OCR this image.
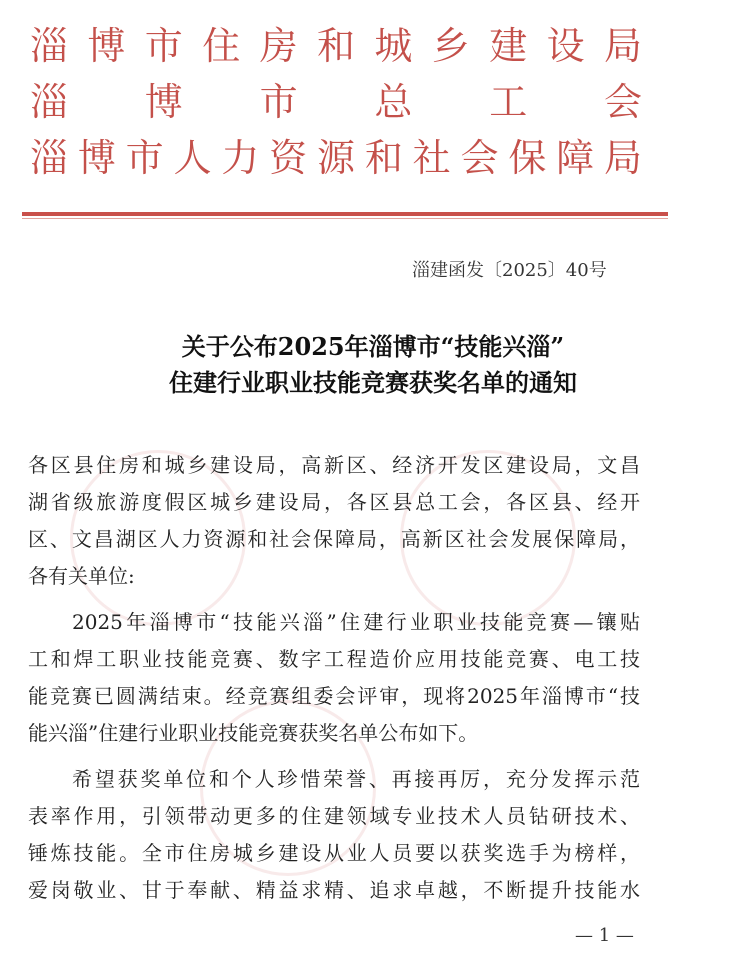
淄博市住房和城乡建设局
淄博市总工会
淄博市人力资源和社会保障局
淄建函发〔2025〕40号
关于公布2025年淄博市“技能兴淄”
住建行业职业技能竞赛获奖名单的通知
各区县住房和城乡建设局，高新区、经济开发区建设局，文昌
湖省级旅游度假区城乡建设局，各区县总工会，各区县、经开
区、文昌湖区人力资源和社会保障局，高新区社会发展保障局，
各有关单位:
2025年淄博市“技能兴淄”住建行业职业技能竞赛—镶贴
工和焊工职业技能竞赛、数字工程造价应用技能竞赛、电工技
能竞赛已圆满结束。经竞赛组委会评审，现将2025年淄博市“技
能兴淄”住建行业职业技能竞赛获奖名单公布如下。
希望获奖单位和个人珍惜荣誉、再接再厉，充分发挥示范
表率作用，引领带动更多的住建领域专业技术人员钻研技术、
锤炼技能。全市住房城乡建设从业人员要以获奖选手为榜样，
爱岗敬业、甘于奉献、精益求精、追求卓越，不断提升技能水
— 1 —
